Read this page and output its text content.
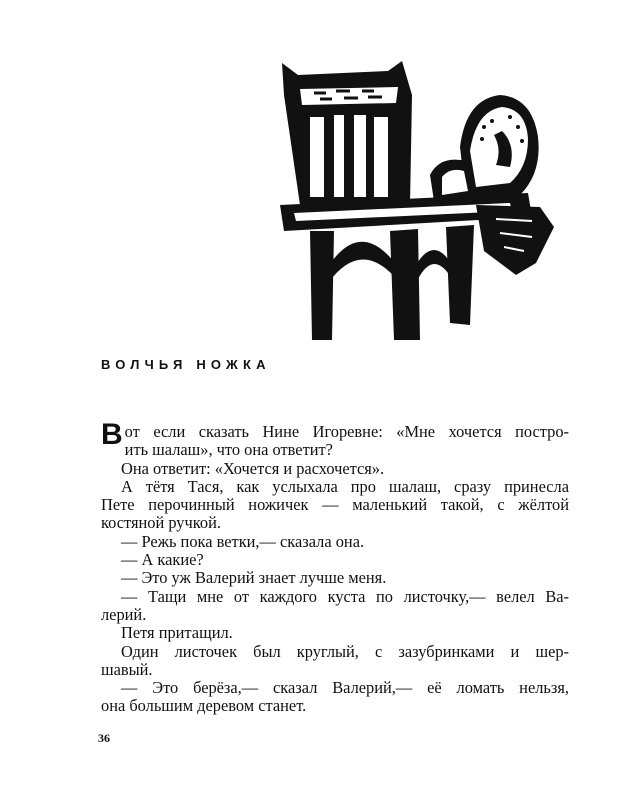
ВОЛЧЬЯ НОЖКА

В от если сказать Нине Игоревне: «Мне хочется постро-
ить шалаш», что она ответит?

Она ответит: «Хочется и расхочется».

А тётя Тася, как услыхала про шалаш, сразу принесла
Пете перочинный ножичек — маленький такой, с жёлтой
костяной ручкой.

— Режь пока ветки,— сказала она.

— А какие?

— Это уж Валерий знает лучше меня.

— Тащи мне от каждого куста по листочку,— велел Ва-
лерий.

Петя притащил.

Один листочек был круглый, с зазубринками и шер-
шавый.

— Это берёза,— сказал Валерий,— её ломать нельзя,
она большим деревом станет.

36
